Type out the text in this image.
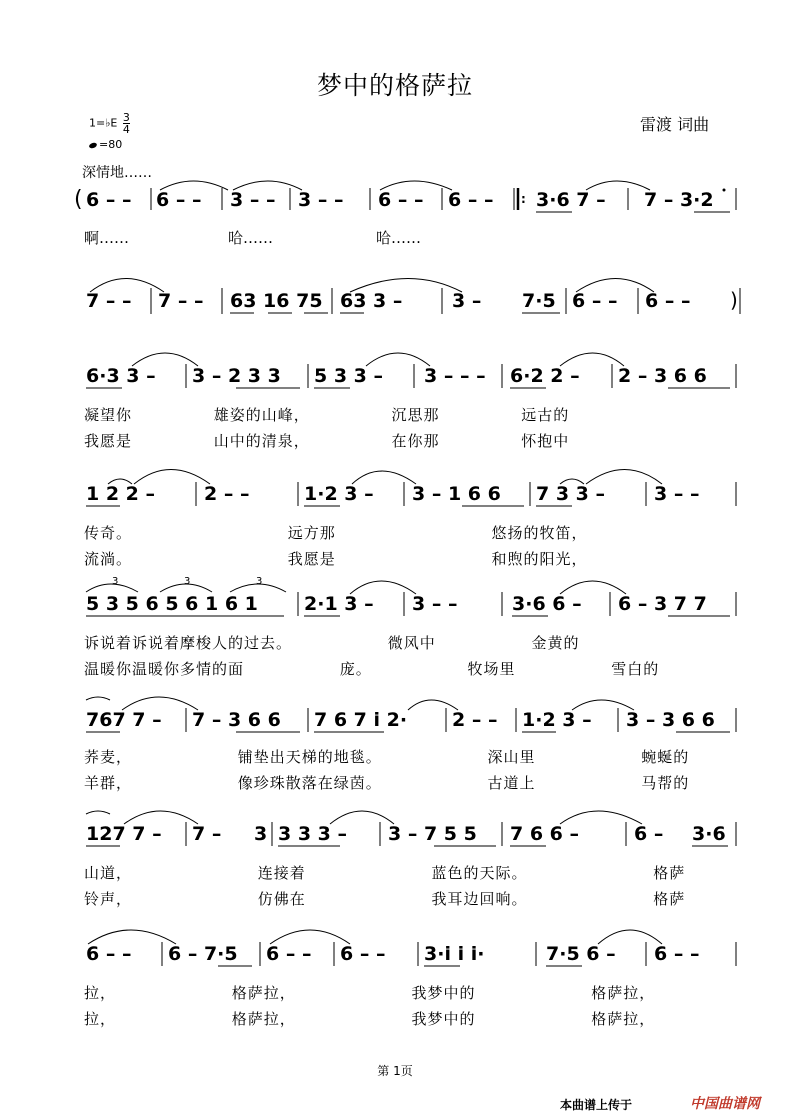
梦中的格萨拉
雷渡 词曲
1=♭E $\frac{3}{4}$
=80
深情地……
( 6 – – 6 – – 3 – – 3 – – 6 – – 6 – – : 3·6 7 – 7 – 3·2
啊……	哈……	哈……
7 – – 7 – – 63 16 75 63 3 –	3 – 7·5 6 – – 6 – – )
6·3 3 – 3 – 2 3 3 5 3 3 – 3 – – – 6·2 2 – 2 – 3 6 6
1 2 2 –	2 – –	1·2 3 – 3 – 1 6 6 7 3 3 –	3 – –
5 3 5 6 5 6 1 6 1 2·1 3 – 3 – –	3·6 6 – 6 – 3 7 7
3	3	3
767 7 – 7 – 3 6 6 7 6 7 i 2· 2 – – 1·2 3 – 3 – 3 6 6
127 7 – 7 – 3 3 3 3 – 3 – 7 5 5 7 6 6 –	6 – 3·6
6 – – 6 – 7·5 6 – – 6 – – 3·i i i·	7·5 6 – 6 – –
凝望你 雄姿的山峰， 沉思那 远古的
我愿是 山中的清泉， 在你那 怀抱中
传奇。 远方那 悠扬的牧笛，
流淌。 我愿是 和煦的阳光，
诉说着诉说着摩梭人的过去。 微风中 金黄的
温暖你温暖你多情的面 庞。 牧场里 雪白的
荞麦， 铺垫出天梯的地毯。 深山里 蜿蜒的
羊群， 像珍珠散落在绿茵。 古道上 马帮的
山道， 连接着 蓝色的天际。 格萨
铃声， 仿佛在 我耳边回响。 格萨
拉， 格萨拉， 我梦中的 格萨拉，
拉， 格萨拉， 我梦中的 格萨拉，
第 1页
本曲谱上传于	中国曲谱网
